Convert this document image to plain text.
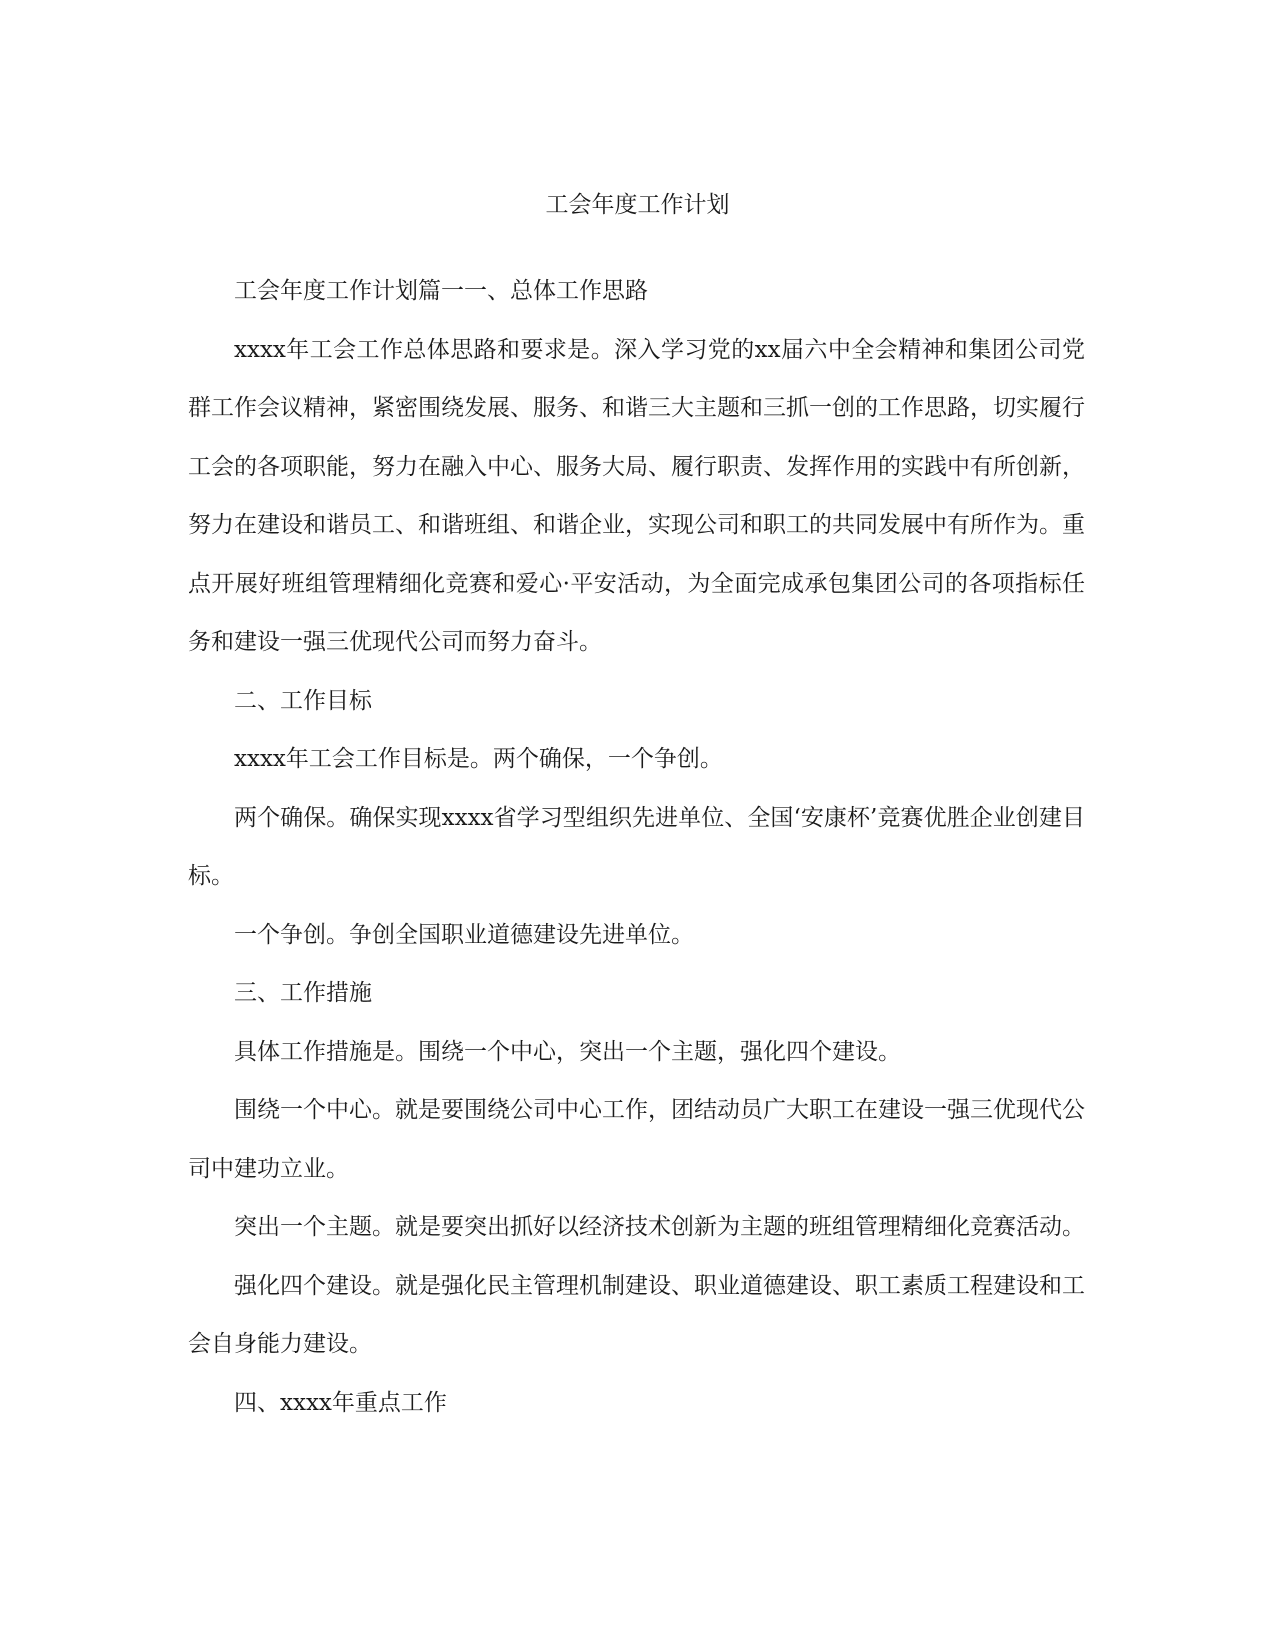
工会年度工作计划

工会年度工作计划篇一一、总体工作思路

xxxx年工会工作总体思路和要求是。深入学习党的xx届六中全会精神和集团公司党群工作会议精神，紧密围绕发展、服务、和谐三大主题和三抓一创的工作思路，切实履行工会的各项职能，努力在融入中心、服务大局、履行职责、发挥作用的实践中有所创新，努力在建设和谐员工、和谐班组、和谐企业，实现公司和职工的共同发展中有所作为。重点开展好班组管理精细化竞赛和爱心·平安活动，为全面完成承包集团公司的各项指标任务和建设一强三优现代公司而努力奋斗。

二、工作目标

xxxx年工会工作目标是。两个确保，一个争创。

两个确保。确保实现xxxx省学习型组织先进单位、全国‘安康杯’竞赛优胜企业创建目标。

一个争创。争创全国职业道德建设先进单位。

三、工作措施

具体工作措施是。围绕一个中心，突出一个主题，强化四个建设。

围绕一个中心。就是要围绕公司中心工作，团结动员广大职工在建设一强三优现代公司中建功立业。

突出一个主题。就是要突出抓好以经济技术创新为主题的班组管理精细化竞赛活动。

强化四个建设。就是强化民主管理机制建设、职业道德建设、职工素质工程建设和工会自身能力建设。

四、xxxx年重点工作
